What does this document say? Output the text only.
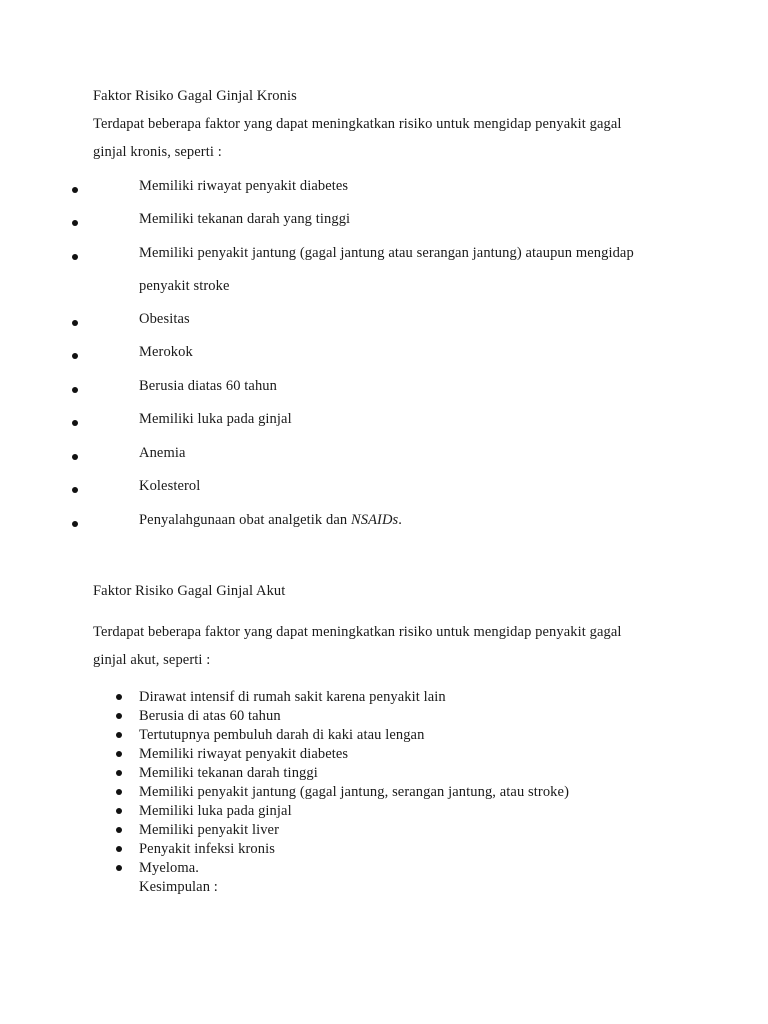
Faktor Risiko Gagal Ginjal Kronis
Terdapat beberapa faktor yang dapat meningkatkan risiko untuk mengidap penyakit gagal
ginjal kronis, seperti :
Memiliki riwayat penyakit diabetes
Memiliki tekanan darah yang tinggi
Memiliki penyakit jantung (gagal jantung atau serangan jantung) ataupun mengidap
penyakit stroke
Obesitas
Merokok
Berusia diatas 60 tahun
Memiliki luka pada ginjal
Anemia
Kolesterol
Penyalahgunaan obat analgetik dan NSAIDs.
Faktor Risiko Gagal Ginjal Akut
Terdapat beberapa faktor yang dapat meningkatkan risiko untuk mengidap penyakit gagal
ginjal akut, seperti :
Dirawat intensif di rumah sakit karena penyakit lain
Berusia di atas 60 tahun
Tertutupnya pembuluh darah di kaki atau lengan
Memiliki riwayat penyakit diabetes
Memiliki tekanan darah tinggi
Memiliki penyakit jantung (gagal jantung, serangan jantung, atau stroke)
Memiliki luka pada ginjal
Memiliki penyakit liver
Penyakit infeksi kronis
Myeloma.
Kesimpulan :
